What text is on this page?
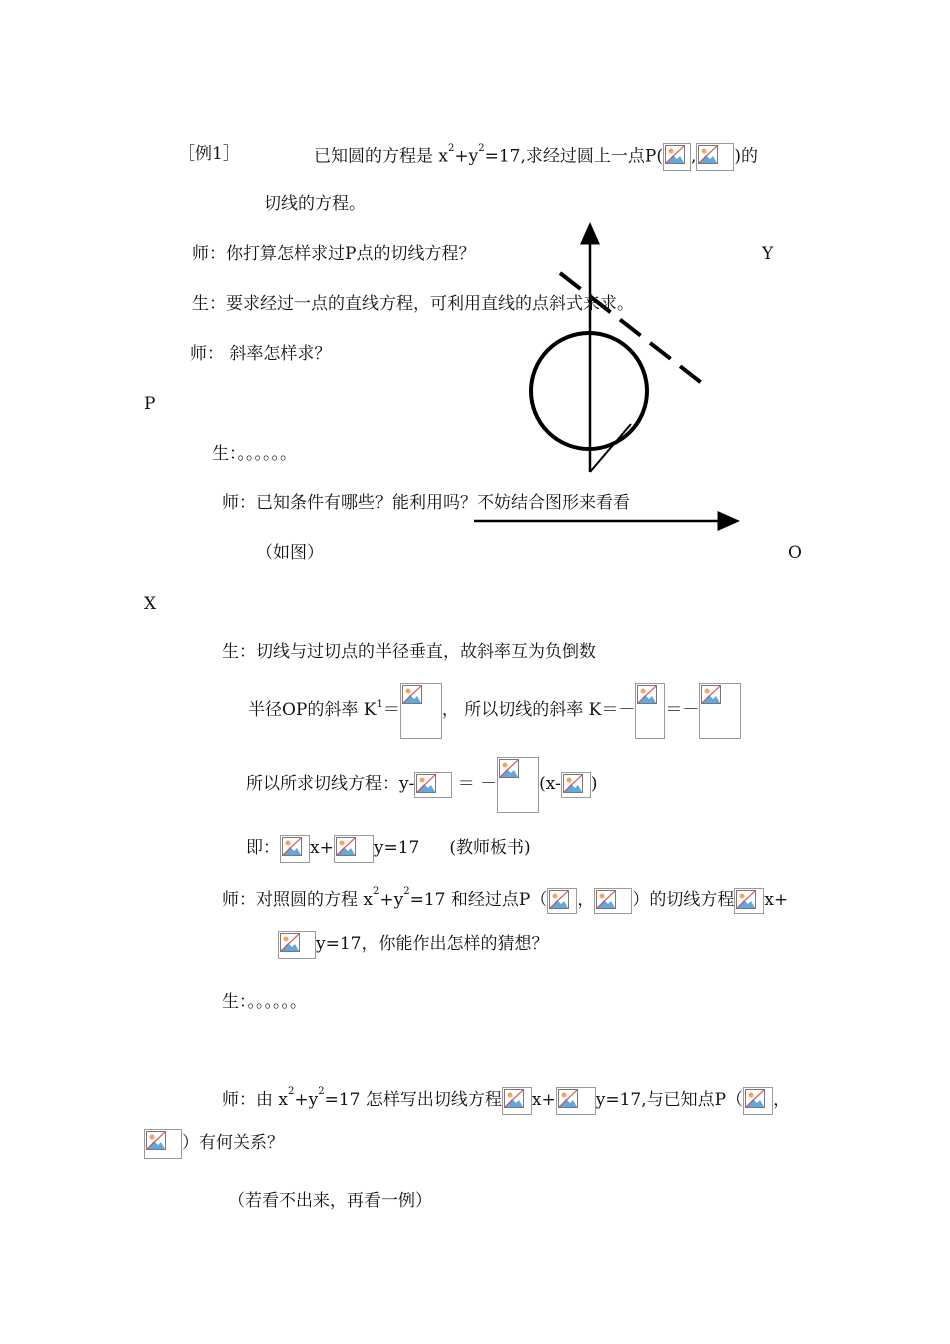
［例1］	已知圆的方程是 $x^2+y^2=17$,求经过圆上一点P( , )的
切线的方程。
师：你打算怎样求过P点的切线方程？	Y
生：要求经过一点的直线方程，可利用直线的点斜式来求。
师： 斜率怎样求？
P
生：。。。。。。
师：已知条件有哪些？能利用吗？不妨结合图形来看看
（如图）	O
X
生：切线与过切点的半径垂直，故斜率互为负倒数
半径OP的斜率 $K^1=$ ， 所以切线的斜率 K＝－ ＝－
所以所求切线方程：y-	＝ － (x- )
即： x+ y=17 (教师板书)
师：对照圆的方程 $x^2+y^2=17$ 和经过点P（ ， ）的切线方程 x+
y=17，你能作出怎样的猜想？
生：。。。。。。
师：由 $x^2+y^2=17$ 怎样写出切线方程 x+ y=17,与已知点P（ ，
）有何关系？
（若看不出来，再看一例）
